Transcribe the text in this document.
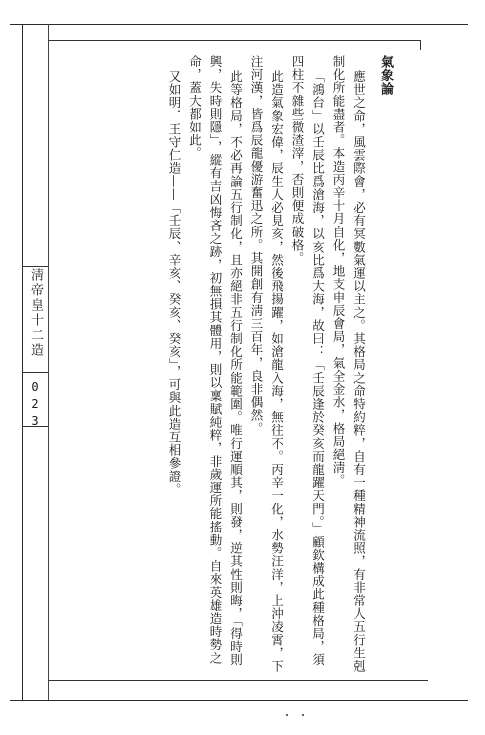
淸帝皇十二造
023

氣象論

應世之命，風雲際會，必有冥數氣運以主之。其格局之命特約粹，自有一種精神流照，有非常人五行生剋制化所能盡者。本造丙辛十月自化，地支申辰會局，氣全金水，格局絕淸。

「鴻台」以壬辰比爲滄海，以亥比爲大海，故曰：「壬辰逢於癸亥而龍躍天門。」顧欽構成此種格局，須四柱不雜些微渣滓，否則便成破格。

此造氣象宏偉，辰生人必見亥，然後飛揚躍，如滄龍入海，無往不。丙辛一化，水勢汪洋，上沖凌霄，下注河漢，皆爲辰龍優游奮迅之所。其開創有淸三百年，良非偶然。

此等格局，不必再論五行制化，且亦絕非五行制化所能範圍。唯行運順其，則發，逆其性則晦，「得時則興，失時則隱」，縱有吉凶悔吝之跡，初無損其體用，則以稟賦純粹，非歲運所能搖動。自來英雄造時勢之命，蓋大都如此。

又如明．王守仁造——「壬辰、辛亥、癸亥、癸亥」，可與此造互相參證。
